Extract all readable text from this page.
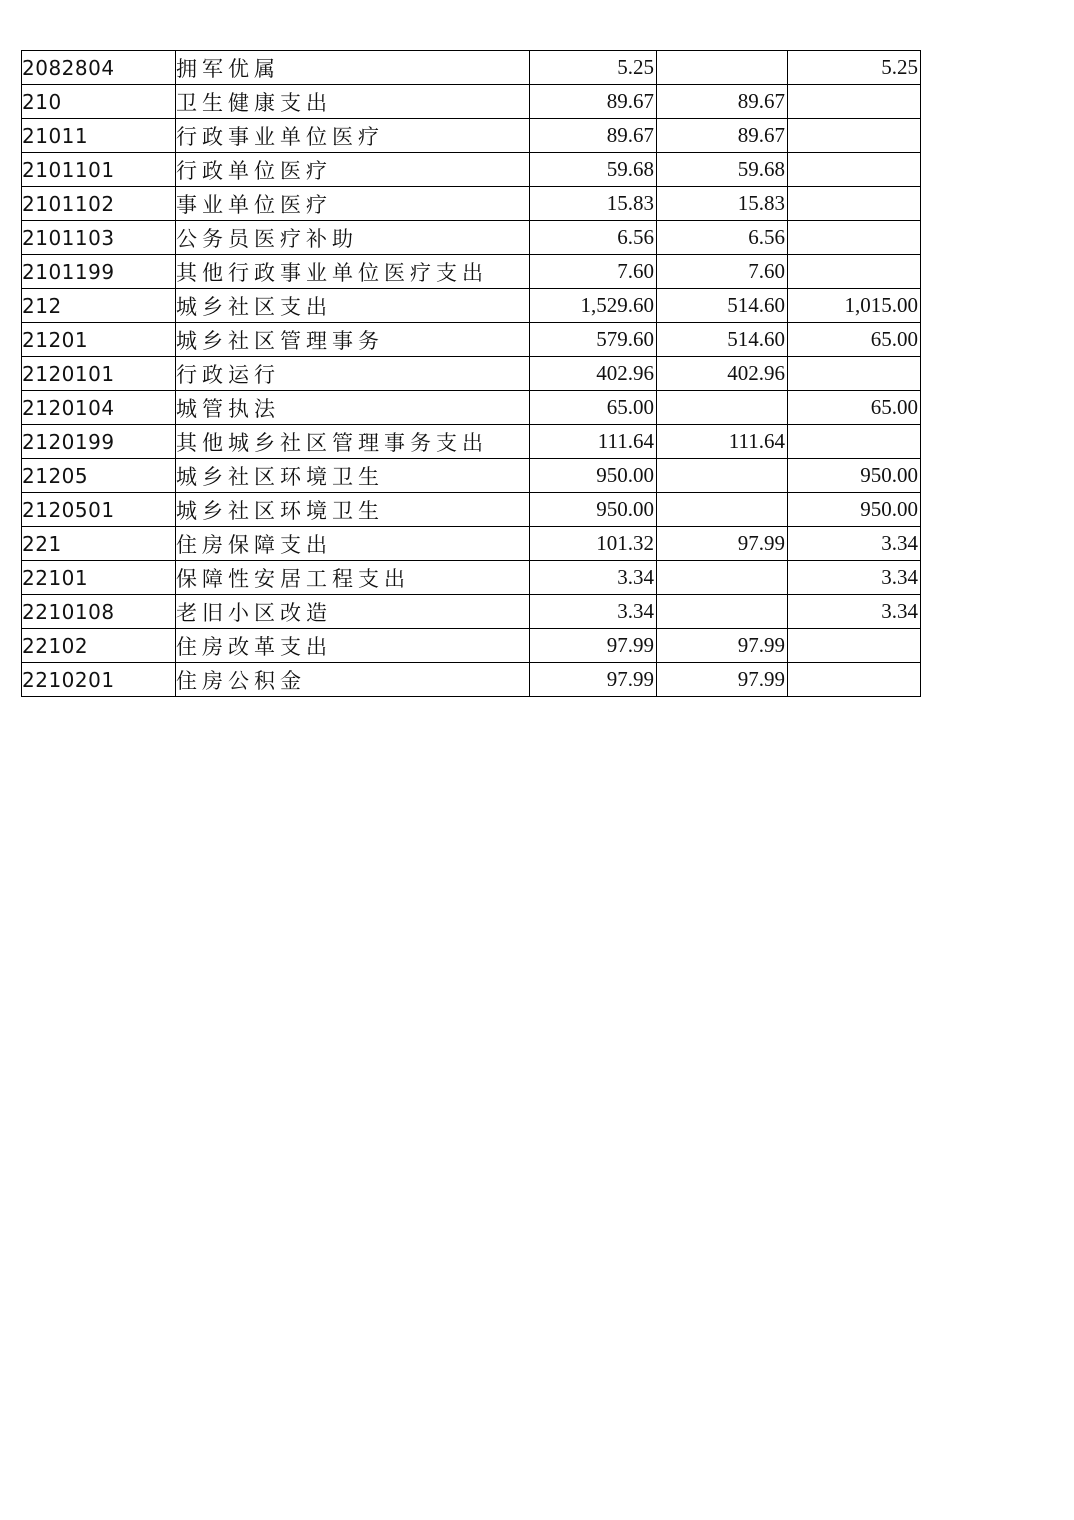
2082804	拥军优属	5.25		5.25
210	卫生健康支出	89.67	89.67	
21011	行政事业单位医疗	89.67	89.67	
2101101	行政单位医疗	59.68	59.68	
2101102	事业单位医疗	15.83	15.83	
2101103	公务员医疗补助	6.56	6.56	
2101199	其他行政事业单位医疗支出	7.60	7.60	
212	城乡社区支出	1,529.60	514.60	1,015.00
21201	城乡社区管理事务	579.60	514.60	65.00
2120101	行政运行	402.96	402.96	
2120104	城管执法	65.00		65.00
2120199	其他城乡社区管理事务支出	111.64	111.64	
21205	城乡社区环境卫生	950.00		950.00
2120501	城乡社区环境卫生	950.00		950.00
221	住房保障支出	101.32	97.99	3.34
22101	保障性安居工程支出	3.34		3.34
2210108	老旧小区改造	3.34		3.34
22102	住房改革支出	97.99	97.99	
2210201	住房公积金	97.99	97.99	
